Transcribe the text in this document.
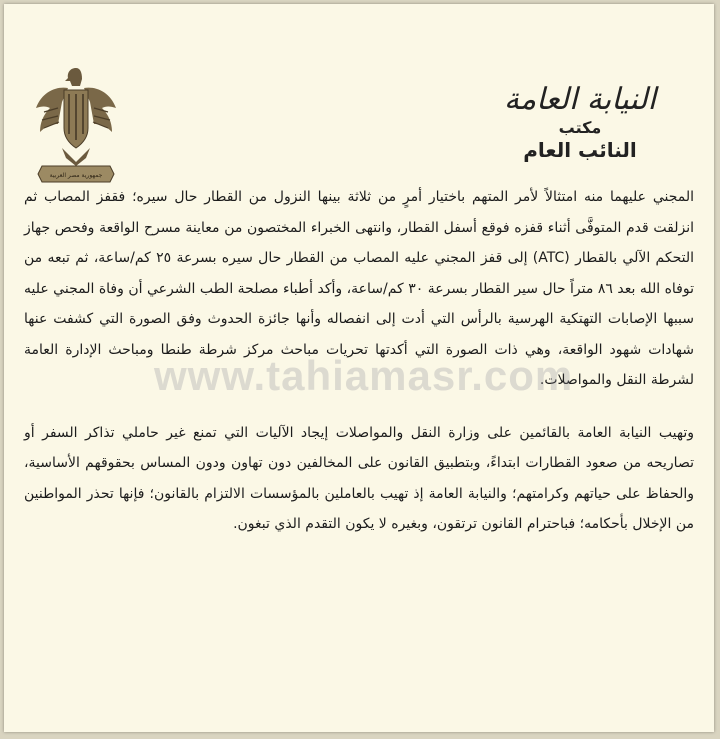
جمهورية مصر العربية
النيابة العامة
مكتب
النائب العام

المجني عليهما منه امتثالاً لأمر المتهم باختيار أمرٍ من ثلاثة بينها النزول من القطار حال سيره؛ فقفز المصاب ثم انزلقت قدم المتوفَّى أثناء قفزه فوقع أسفل القطار، وانتهى الخبراء المختصون من معاينة مسرح الواقعة وفحص جهاز التحكم الآلي بالقطار (ATC) إلى قفز المجني عليه المصاب من القطار حال سيره بسرعة ٢٥ كم/ساعة، ثم تبعه من توفاه الله بعد ٨٦ متراً حال سير القطار بسرعة ٣٠ كم/ساعة، وأكد أطباء مصلحة الطب الشرعي أن وفاة المجني عليه سببها الإصابات التهتكية الهرسية بالرأس التي أدت إلى انفصاله وأنها جائزة الحدوث وفق الصورة التي كشفت عنها شهادات شهود الواقعة، وهي ذات الصورة التي أكدتها تحريات مباحث مركز شرطة طنطا ومباحث الإدارة العامة لشرطة النقل والمواصلات.

وتهيب النيابة العامة بالقائمين على وزارة النقل والمواصلات إيجاد الآليات التي تمنع غير حاملي تذاكر السفر أو تصاريحه من صعود القطارات ابتداءً، وبتطبيق القانون على المخالفين دون تهاون ودون المساس بحقوقهم الأساسية، والحفاظ على حياتهم وكرامتهم؛ والنيابة العامة إذ تهيب بالعاملين بالمؤسسات الالتزام بالقانون؛ فإنها تحذر المواطنين من الإخلال بأحكامه؛ فباحترام القانون ترتقون، وبغيره لا يكون التقدم الذي تبغون.

www.tahiamasr.com
